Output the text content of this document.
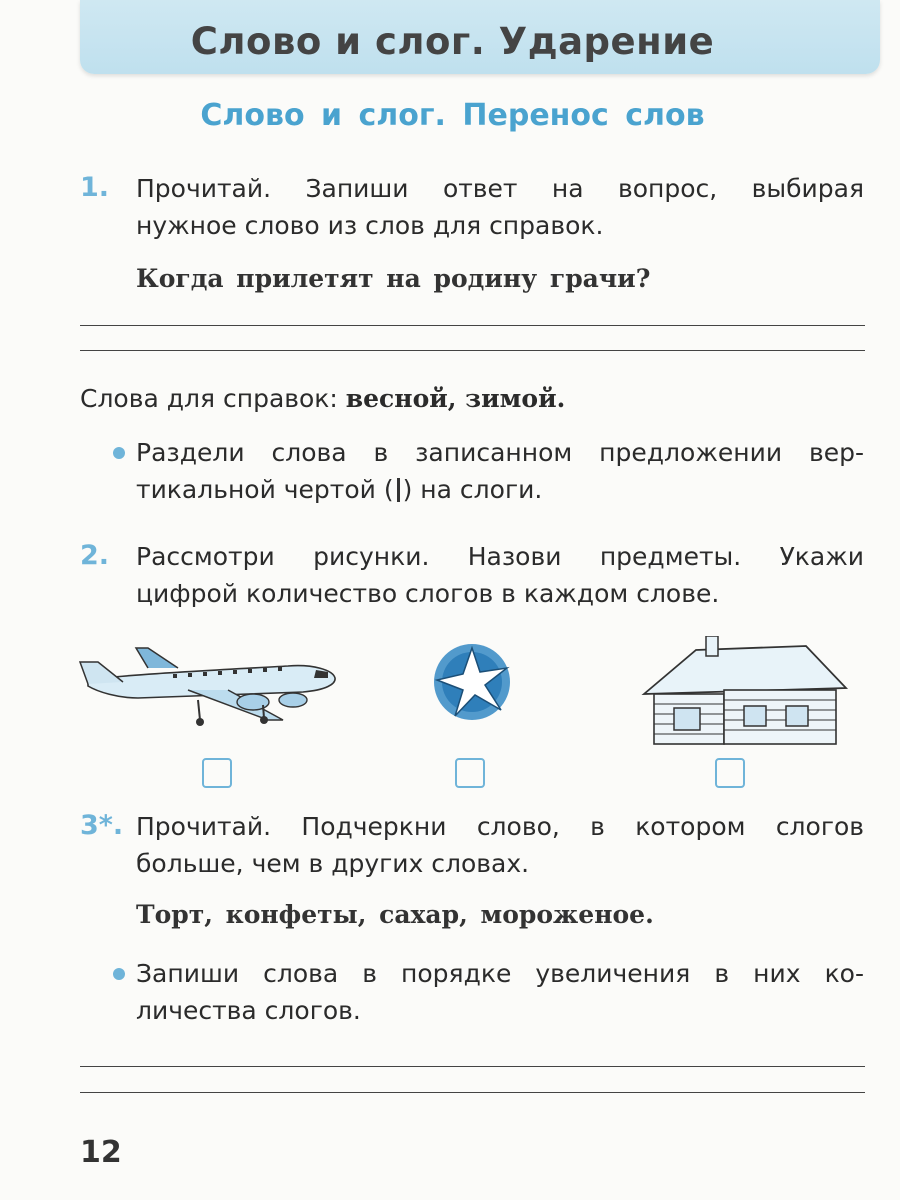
Слово и слог. Ударение
Слово и слог. Перенос слов
1. Прочитай. Запиши ответ на вопрос, выбирая
нужное слово из слов для справок.
Когда прилетят на родину грачи?
Слова для справок: весной, зимой.
Раздели слова в записанном предложении вер-
тикальной чертой ( ) на слоги.
2. Рассмотри рисунки. Назови предметы. Укажи
цифрой количество слогов в каждом слове.
3*. Прочитай. Подчеркни слово, в котором слогов
больше, чем в других словах.
Торт, конфеты, сахар, мороженое.
Запиши слова в порядке увеличения в них ко-
личества слогов.
12
